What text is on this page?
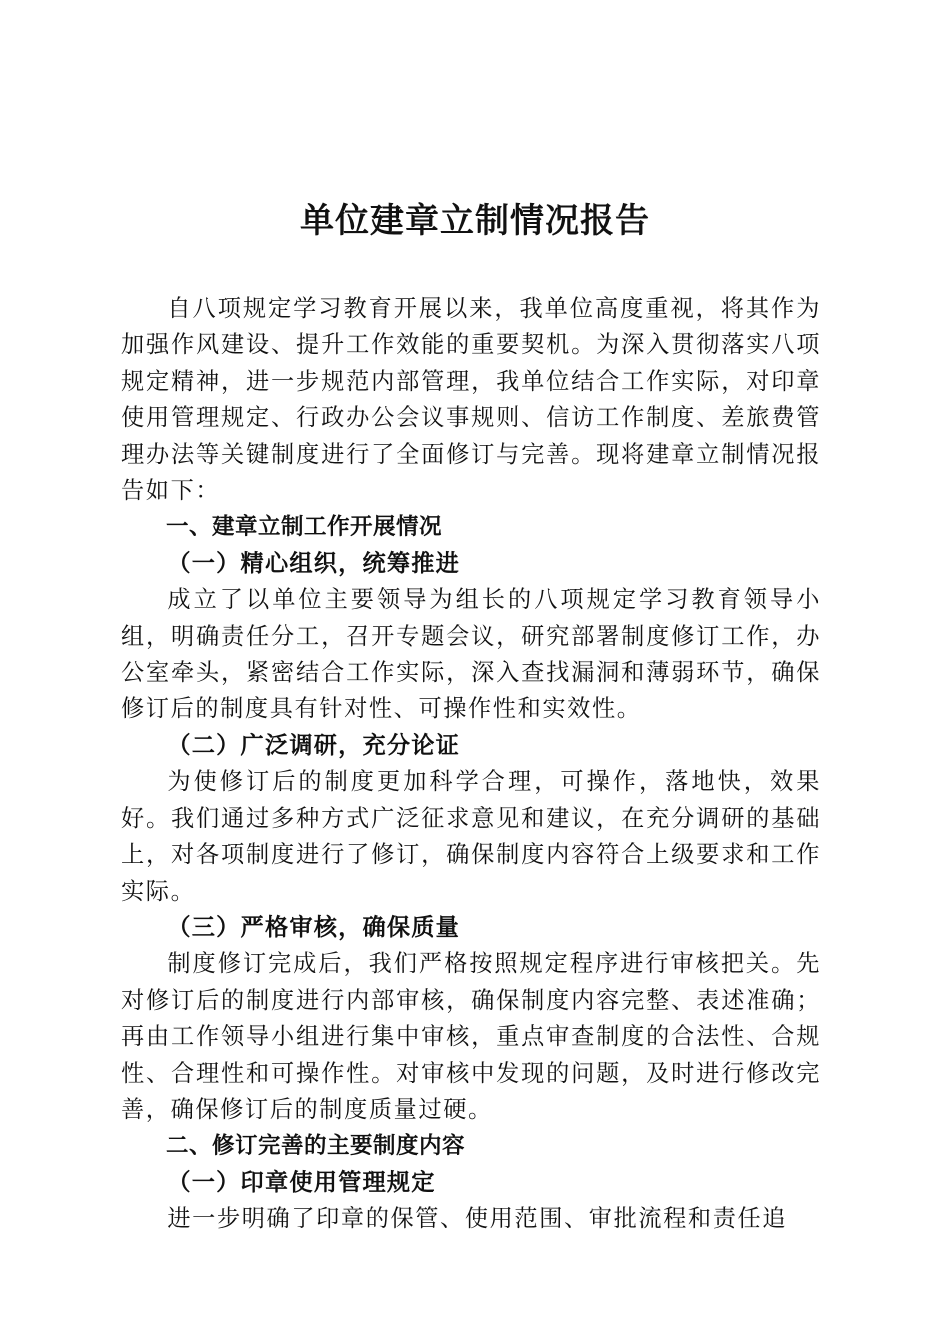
单位建章立制情况报告

自八项规定学习教育开展以来，我单位高度重视，将其作为加强作风建设、提升工作效能的重要契机。为深入贯彻落实八项规定精神，进一步规范内部管理，我单位结合工作实际，对印章使用管理规定、行政办公会议事规则、信访工作制度、差旅费管理办法等关键制度进行了全面修订与完善。现将建章立制情况报告如下：

一、建章立制工作开展情况

（一）精心组织，统筹推进

成立了以单位主要领导为组长的八项规定学习教育领导小组，明确责任分工，召开专题会议，研究部署制度修订工作，办公室牵头，紧密结合工作实际，深入查找漏洞和薄弱环节，确保修订后的制度具有针对性、可操作性和实效性。

（二）广泛调研，充分论证

为使修订后的制度更加科学合理，可操作，落地快，效果好。我们通过多种方式广泛征求意见和建议，在充分调研的基础上，对各项制度进行了修订，确保制度内容符合上级要求和工作实际。

（三）严格审核，确保质量

制度修订完成后，我们严格按照规定程序进行审核把关。先对修订后的制度进行内部审核，确保制度内容完整、表述准确；再由工作领导小组进行集中审核，重点审查制度的合法性、合规性、合理性和可操作性。对审核中发现的问题，及时进行修改完善，确保修订后的制度质量过硬。

二、修订完善的主要制度内容

（一）印章使用管理规定

进一步明确了印章的保管、使用范围、审批流程和责任追
